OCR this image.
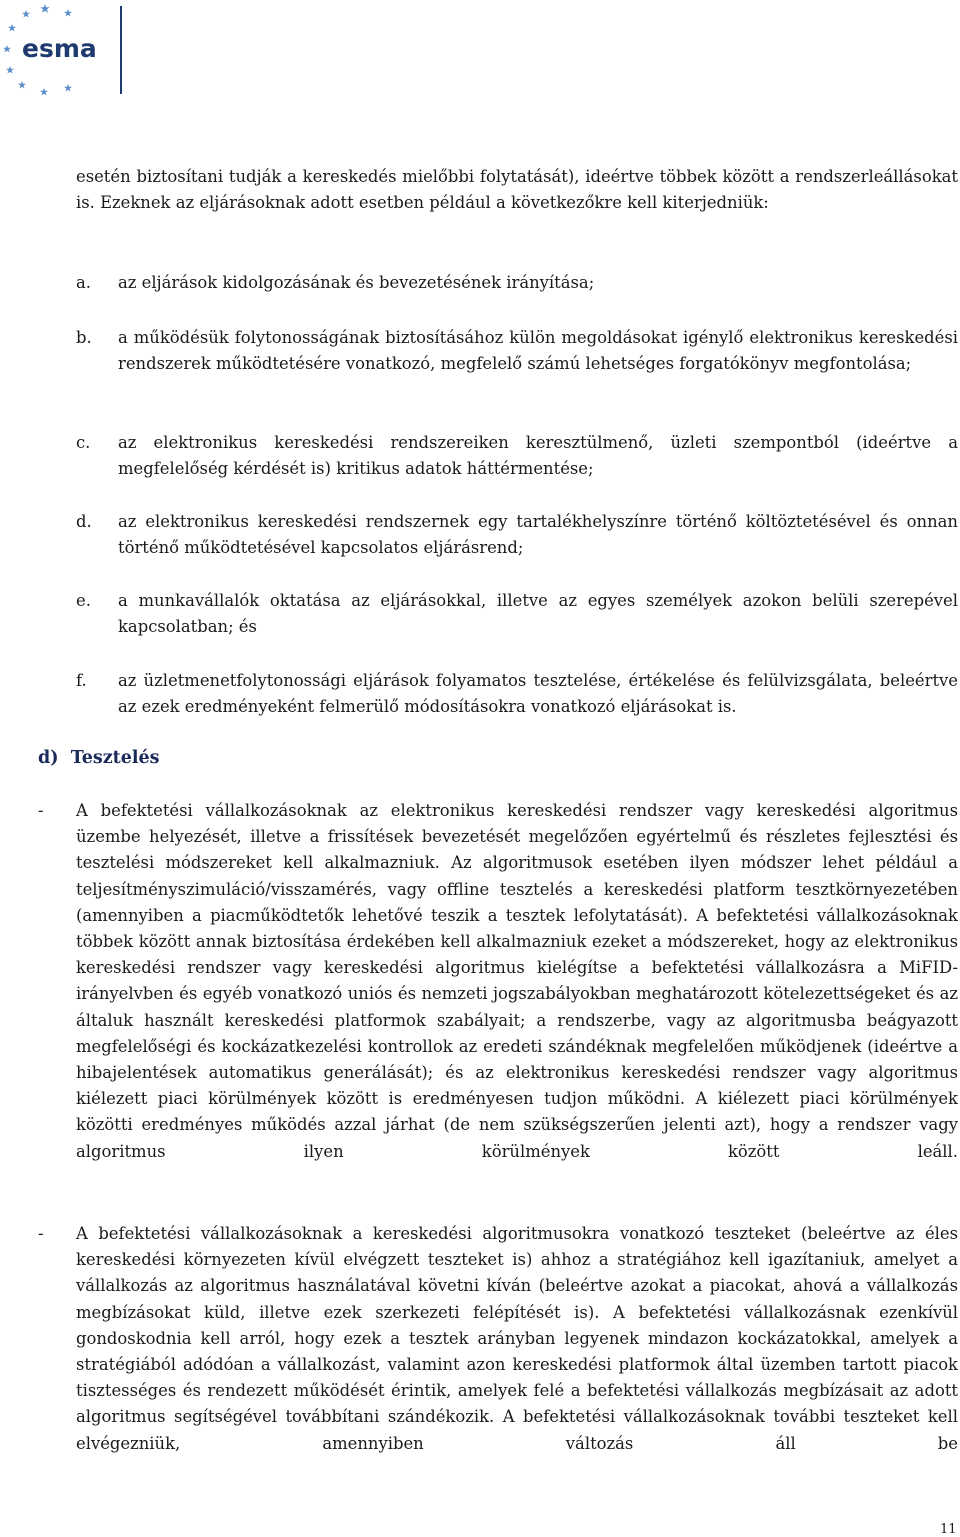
esma

esetén biztosítani tudják a kereskedés mielőbbi folytatását), ideértve többek között a rendszerleállásokat is. Ezeknek az eljárásoknak adott esetben például a következőkre kell kiterjedniük:

a. az eljárások kidolgozásának és bevezetésének irányítása;

b. a működésük folytonosságának biztosításához külön megoldásokat igénylő elektronikus kereskedési rendszerek működtetésére vonatkozó, megfelelő számú lehetséges forgatókönyv megfontolása;

c. az elektronikus kereskedési rendszereiken keresztülmenő, üzleti szempontból (ideértve a megfelelőség kérdését is) kritikus adatok háttérmentése;

d. az elektronikus kereskedési rendszernek egy tartalékhelyszínre történő költöztetésével és onnan történő működtetésével kapcsolatos eljárásrend;

e. a munkavállalók oktatása az eljárásokkal, illetve az egyes személyek azokon belüli szerepével kapcsolatban; és

f. az üzletmenetfolytonossági eljárások folyamatos tesztelése, értékelése és felülvizsgálata, beleértve az ezek eredményeként felmerülő módosításokra vonatkozó eljárásokat is.

d)  Tesztelés
- A befektetési vállalkozásoknak az elektronikus kereskedési rendszer vagy kereskedési algoritmus üzembe helyezését, illetve a frissítések bevezetését megelőzően egyértelmű és részletes fejlesztési és tesztelési módszereket kell alkalmazniuk. Az algoritmusok esetében ilyen módszer lehet például a teljesítményszimuláció/visszamérés, vagy offline tesztelés a kereskedési platform tesztkörnyezetében (amennyiben a piacműködtetők lehetővé teszik a tesztek lefolytatását). A befektetési vállalkozásoknak többek között annak biztosítása érdekében kell alkalmazniuk ezeket a módszereket, hogy az elektronikus kereskedési rendszer vagy kereskedési algoritmus kielégítse a befektetési vállalkozásra a MiFID-irányelvben és egyéb vonatkozó uniós és nemzeti jogszabályokban meghatározott kötelezettségeket és az általuk használt kereskedési platformok szabályait; a rendszerbe, vagy az algoritmusba beágyazott megfelelőségi és kockázatkezelési kontrollok az eredeti szándéknak megfelelően működjenek (ideértve a hibajelentések automatikus generálását); és az elektronikus kereskedési rendszer vagy algoritmus kiélezett piaci körülmények között is eredményesen tudjon működni. A kiélezett piaci körülmények közötti eredményes működés azzal járhat (de nem szükségszerűen jelenti azt), hogy a rendszer vagy algoritmus ilyen körülmények között leáll.

- A befektetési vállalkozásoknak a kereskedési algoritmusokra vonatkozó teszteket (beleértve az éles kereskedési környezeten kívül elvégzett teszteket is) ahhoz a stratégiához kell igazítaniuk, amelyet a vállalkozás az algoritmus használatával követni kíván (beleértve azokat a piacokat, ahová a vállalkozás megbízásokat küld, illetve ezek szerkezeti felépítését is). A befektetési vállalkozásnak ezenkívül gondoskodnia kell arról, hogy ezek a tesztek arányban legyenek mindazon kockázatokkal, amelyek a stratégiából adódóan a vállalkozást, valamint azon kereskedési platformok által üzemben tartott piacok tisztességes és rendezett működését érintik, amelyek felé a befektetési vállalkozás megbízásait az adott algoritmus segítségével továbbítani szándékozik. A befektetési vállalkozásoknak további teszteket kell elvégezniük, amennyiben változás áll be

11
